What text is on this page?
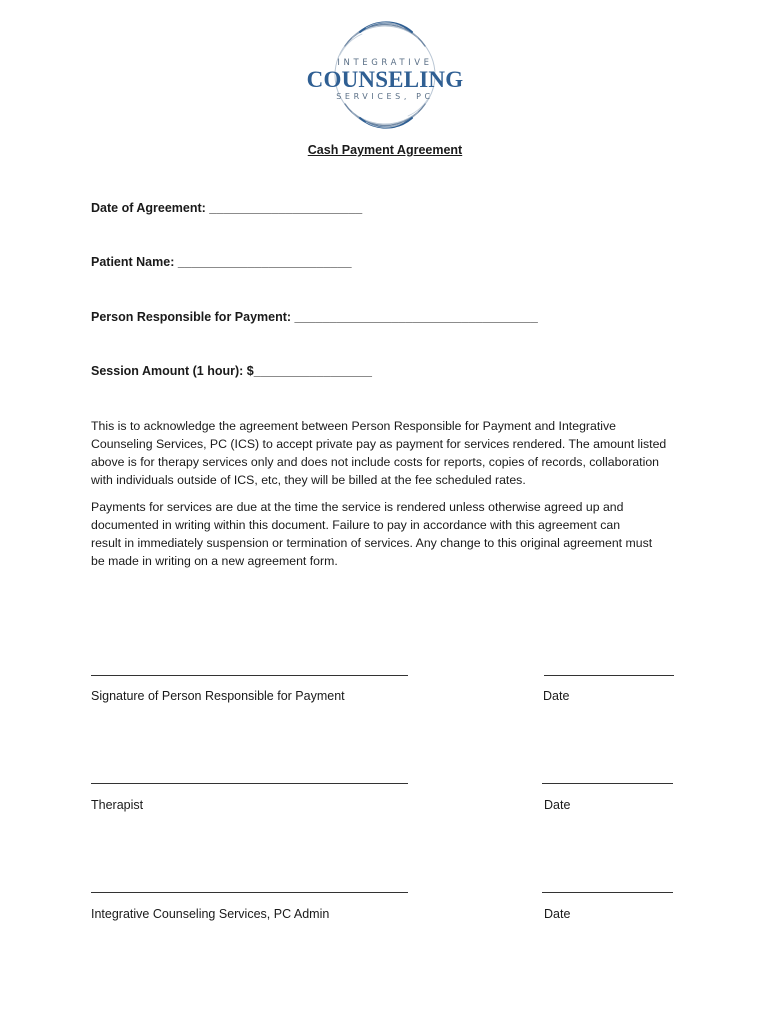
INTEGRATIVE
COUNSELING
SERVICES, PC
Cash Payment Agreement
Date of Agreement: ______________________
Patient Name: _________________________
Person Responsible for Payment: ___________________________________
Session Amount (1 hour): $_________________
This is to acknowledge the agreement between Person Responsible for Payment and Integrative
Counseling Services, PC (ICS) to accept private pay as payment for services rendered. The amount listed
above is for therapy services only and does not include costs for reports, copies of records, collaboration
with individuals outside of ICS, etc, they will be billed at the fee scheduled rates.
Payments for services are due at the time the service is rendered unless otherwise agreed up and
documented in writing within this document. Failure to pay in accordance with this agreement can
result in immediately suspension or termination of services. Any change to this original agreement must
be made in writing on a new agreement form.
Signature of Person Responsible for Payment	Date
Therapist	Date
Integrative Counseling Services, PC Admin	Date
